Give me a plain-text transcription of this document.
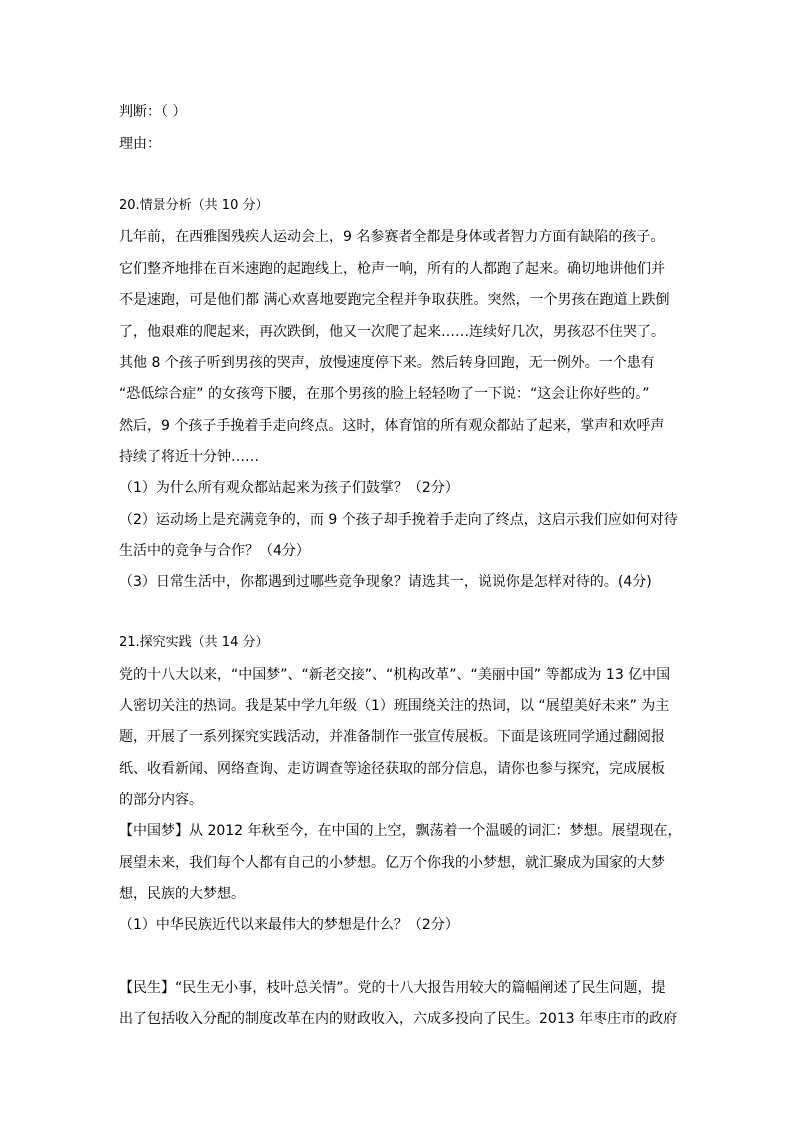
判断：（ ）
理由：
20.情景分析（共 10 分）
几年前，在西雅图残疾人运动会上，9 名参赛者全都是身体或者智力方面有缺陷的孩子。
它们整齐地排在百米速跑的起跑线上，枪声一响，所有的人都跑了起来。确切地讲他们并
不是速跑，可是他们都 满心欢喜地要跑完全程并争取获胜。突然，一个男孩在跑道上跌倒
了，他艰难的爬起来，再次跌倒，他又一次爬了起来……连续好几次，男孩忍不住哭了。
其他 8 个孩子听到男孩的哭声，放慢速度停下来。然后转身回跑，无一例外。一个患有
“恐低综合症” 的女孩弯下腰，在那个男孩的脸上轻轻吻了一下说：“这会让你好些的。”
然后，9 个孩子手挽着手走向终点。这时，体育馆的所有观众都站了起来，掌声和欢呼声
持续了将近十分钟……
（1）为什么所有观众都站起来为孩子们鼓掌？（2分）
（2）运动场上是充满竞争的，而 9 个孩子却手挽着手走向了终点，这启示我们应如何对待
生活中的竞争与合作？（4分）
（3）日常生活中，你都遇到过哪些竞争现象？请选其一，说说你是怎样对待的。(4分)
21.探究实践（共 14 分）
党的十八大以来，“中国梦”、“新老交接”、“机构改革”、“美丽中国” 等都成为 13 亿中国
人密切关注的热词。我是某中学九年级（1）班围绕关注的热词，以 “展望美好未来” 为主
题，开展了一系列探究实践活动，并准备制作一张宣传展板。下面是该班同学通过翻阅报
纸、收看新闻、网络查询、走访调查等途径获取的部分信息，请你也参与探究，完成展板
的部分内容。
【中国梦】从 2012 年秋至今，在中国的上空，飘荡着一个温暖的词汇：梦想。展望现在，
展望未来，我们每个人都有自己的小梦想。亿万个你我的小梦想，就汇聚成为国家的大梦
想，民族的大梦想。
（1）中华民族近代以来最伟大的梦想是什么？（2分）
【民生】“民生无小事，枝叶总关情”。党的十八大报告用较大的篇幅阐述了民生问题，提
出了包括收入分配的制度改革在内的财政收入，六成多投向了民生。2013 年枣庄市的政府
